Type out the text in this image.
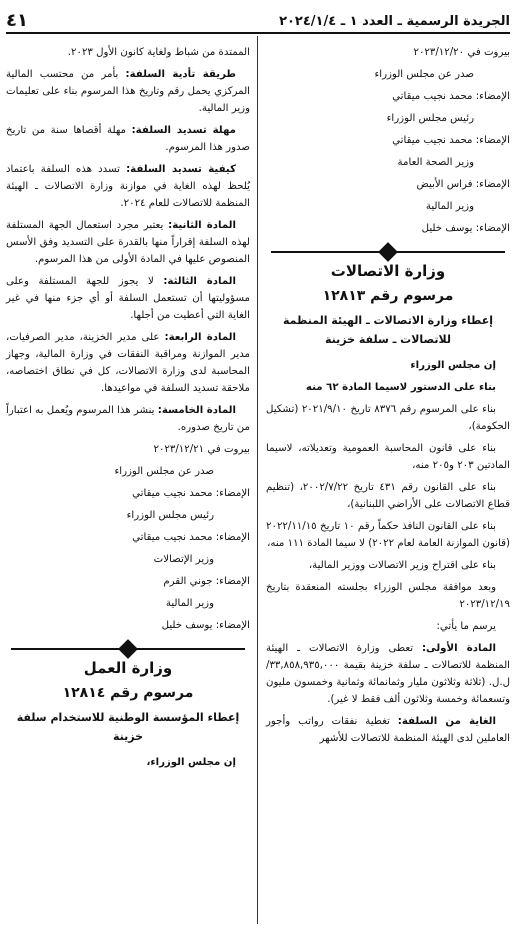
الجريدة الرسمية ـ العدد ١ ـ ٢٠٢٤/١/٤
٤١

بيروت في ٢٠٢٣/١٢/٢٠

صدر عن مجلس الوزراء

الإمضاء: محمد نجيب ميقاتي

رئيس مجلس الوزراء

الإمضاء: محمد نجيب ميقاتي

وزير الصحة العامة

الإمضاء: فراس الأبيض

وزير المالية

الإمضاء: يوسف خليل

وزارة الاتصالات
مرسوم رقم ١٢٨١٣
إعطاء وزارة الاتصالات ـ الهيئة المنظمة للاتصالات ـ سلفة خزينة

إن مجلس الوزراء

بناء على الدستور لاسيما المادة ٦٢ منه

بناء على المرسوم رقم ٨٣٧٦ تاريخ ٢٠٢١/٩/١٠ (تشكيل الحكومة)،

بناء على قانون المحاسبة العمومية وتعديلاته، لاسيما المادتين ٢٠٣ و٢٠٥ منه،

بناء على القانون رقم ٤٣١ تاريخ ٢٠٠٢/٧/٢٢، (تنظيم قطاع الاتصالات على الأراضي اللبنانية)،

بناء على القانون النافذ حكماً رقم ١٠ تاريخ ٢٠٢٢/١١/١٥ (قانون الموازنة العامة لعام ٢٠٢٢) لا سيما المادة ١١١ منه،

بناء على اقتراح وزير الاتصالات ووزير المالية،

وبعد موافقة مجلس الوزراء بجلسته المنعقدة بتاريخ ٢٠٢٣/١٢/١٩

يرسم ما يأتي:

المادة الأولى: تعطى وزارة الاتصالات ـ الهيئة المنظمة للاتصالات ـ سلفة خزينة بقيمة ٣٣,٨٥٨,٩٣٥,٠٠٠/ ل.ل. (ثلاثة وثلاثون مليار وثمانمائة وثمانية وخمسون مليون وتسعمائة وخمسة وثلاثون ألف فقط لا غير).

الغاية من السلفة: تغطية نفقات رواتب وأجور العاملين لدى الهيئة المنظمة للاتصالات للأشهر

الممتدة من شباط ولغاية كانون الأول ٢٠٢٣.

طريقة تأدية السلفة: بأمر من محتسب المالية المركزي يحمل رقم وتاريخ هذا المرسوم بناء على تعليمات وزير المالية.

مهلة تسديد السلفة: مهلة أقصاها سنة من تاريخ صدور هذا المرسوم.

كيفية تسديد السلفة: تسدد هذه السلفة باعتماد يُلحظ لهذه الغاية في موازنة وزارة الاتصالات ـ الهيئة المنظمة للاتصالات للعام ٢٠٢٤.

المادة الثانية: يعتبر مجرد استعمال الجهة المستلفة لهذه السلفة إقراراً منها بالقدرة على التسديد وفق الأسس المنصوص عليها في المادة الأولى من هذا المرسوم.

المادة الثالثة: لا يجوز للجهة المستلفة وعلى مسؤوليتها أن تستعمل السلفة أو أي جزء منها في غير الغاية التي أعطيت من أجلها.

المادة الرابعة: على مدير الخزينة، مدير الصرفيات، مدير الموازنة ومراقبة النفقات في وزارة المالية، وجهاز المحاسبة لدى وزارة الاتصالات، كل في نطاق اختصاصه، ملاحقة تسديد السلفة في مواعيدها.

المادة الخامسة: ينشر هذا المرسوم ويُعمل به اعتباراً من تاريخ صدوره.

بيروت في ٢٠٢٣/١٢/٢١

صدر عن مجلس الوزراء

الإمضاء: محمد نجيب ميقاتي

رئيس مجلس الوزراء

الإمضاء: محمد نجيب ميقاتي

وزير الإتصالات

الإمضاء: جوني القرم

وزير المالية

الإمضاء: يوسف خليل

وزارة العمل
مرسوم رقم ١٢٨١٤
إعطاء المؤسسة الوطنية للاستخدام سلفة خزينة

إن مجلس الوزراء،
